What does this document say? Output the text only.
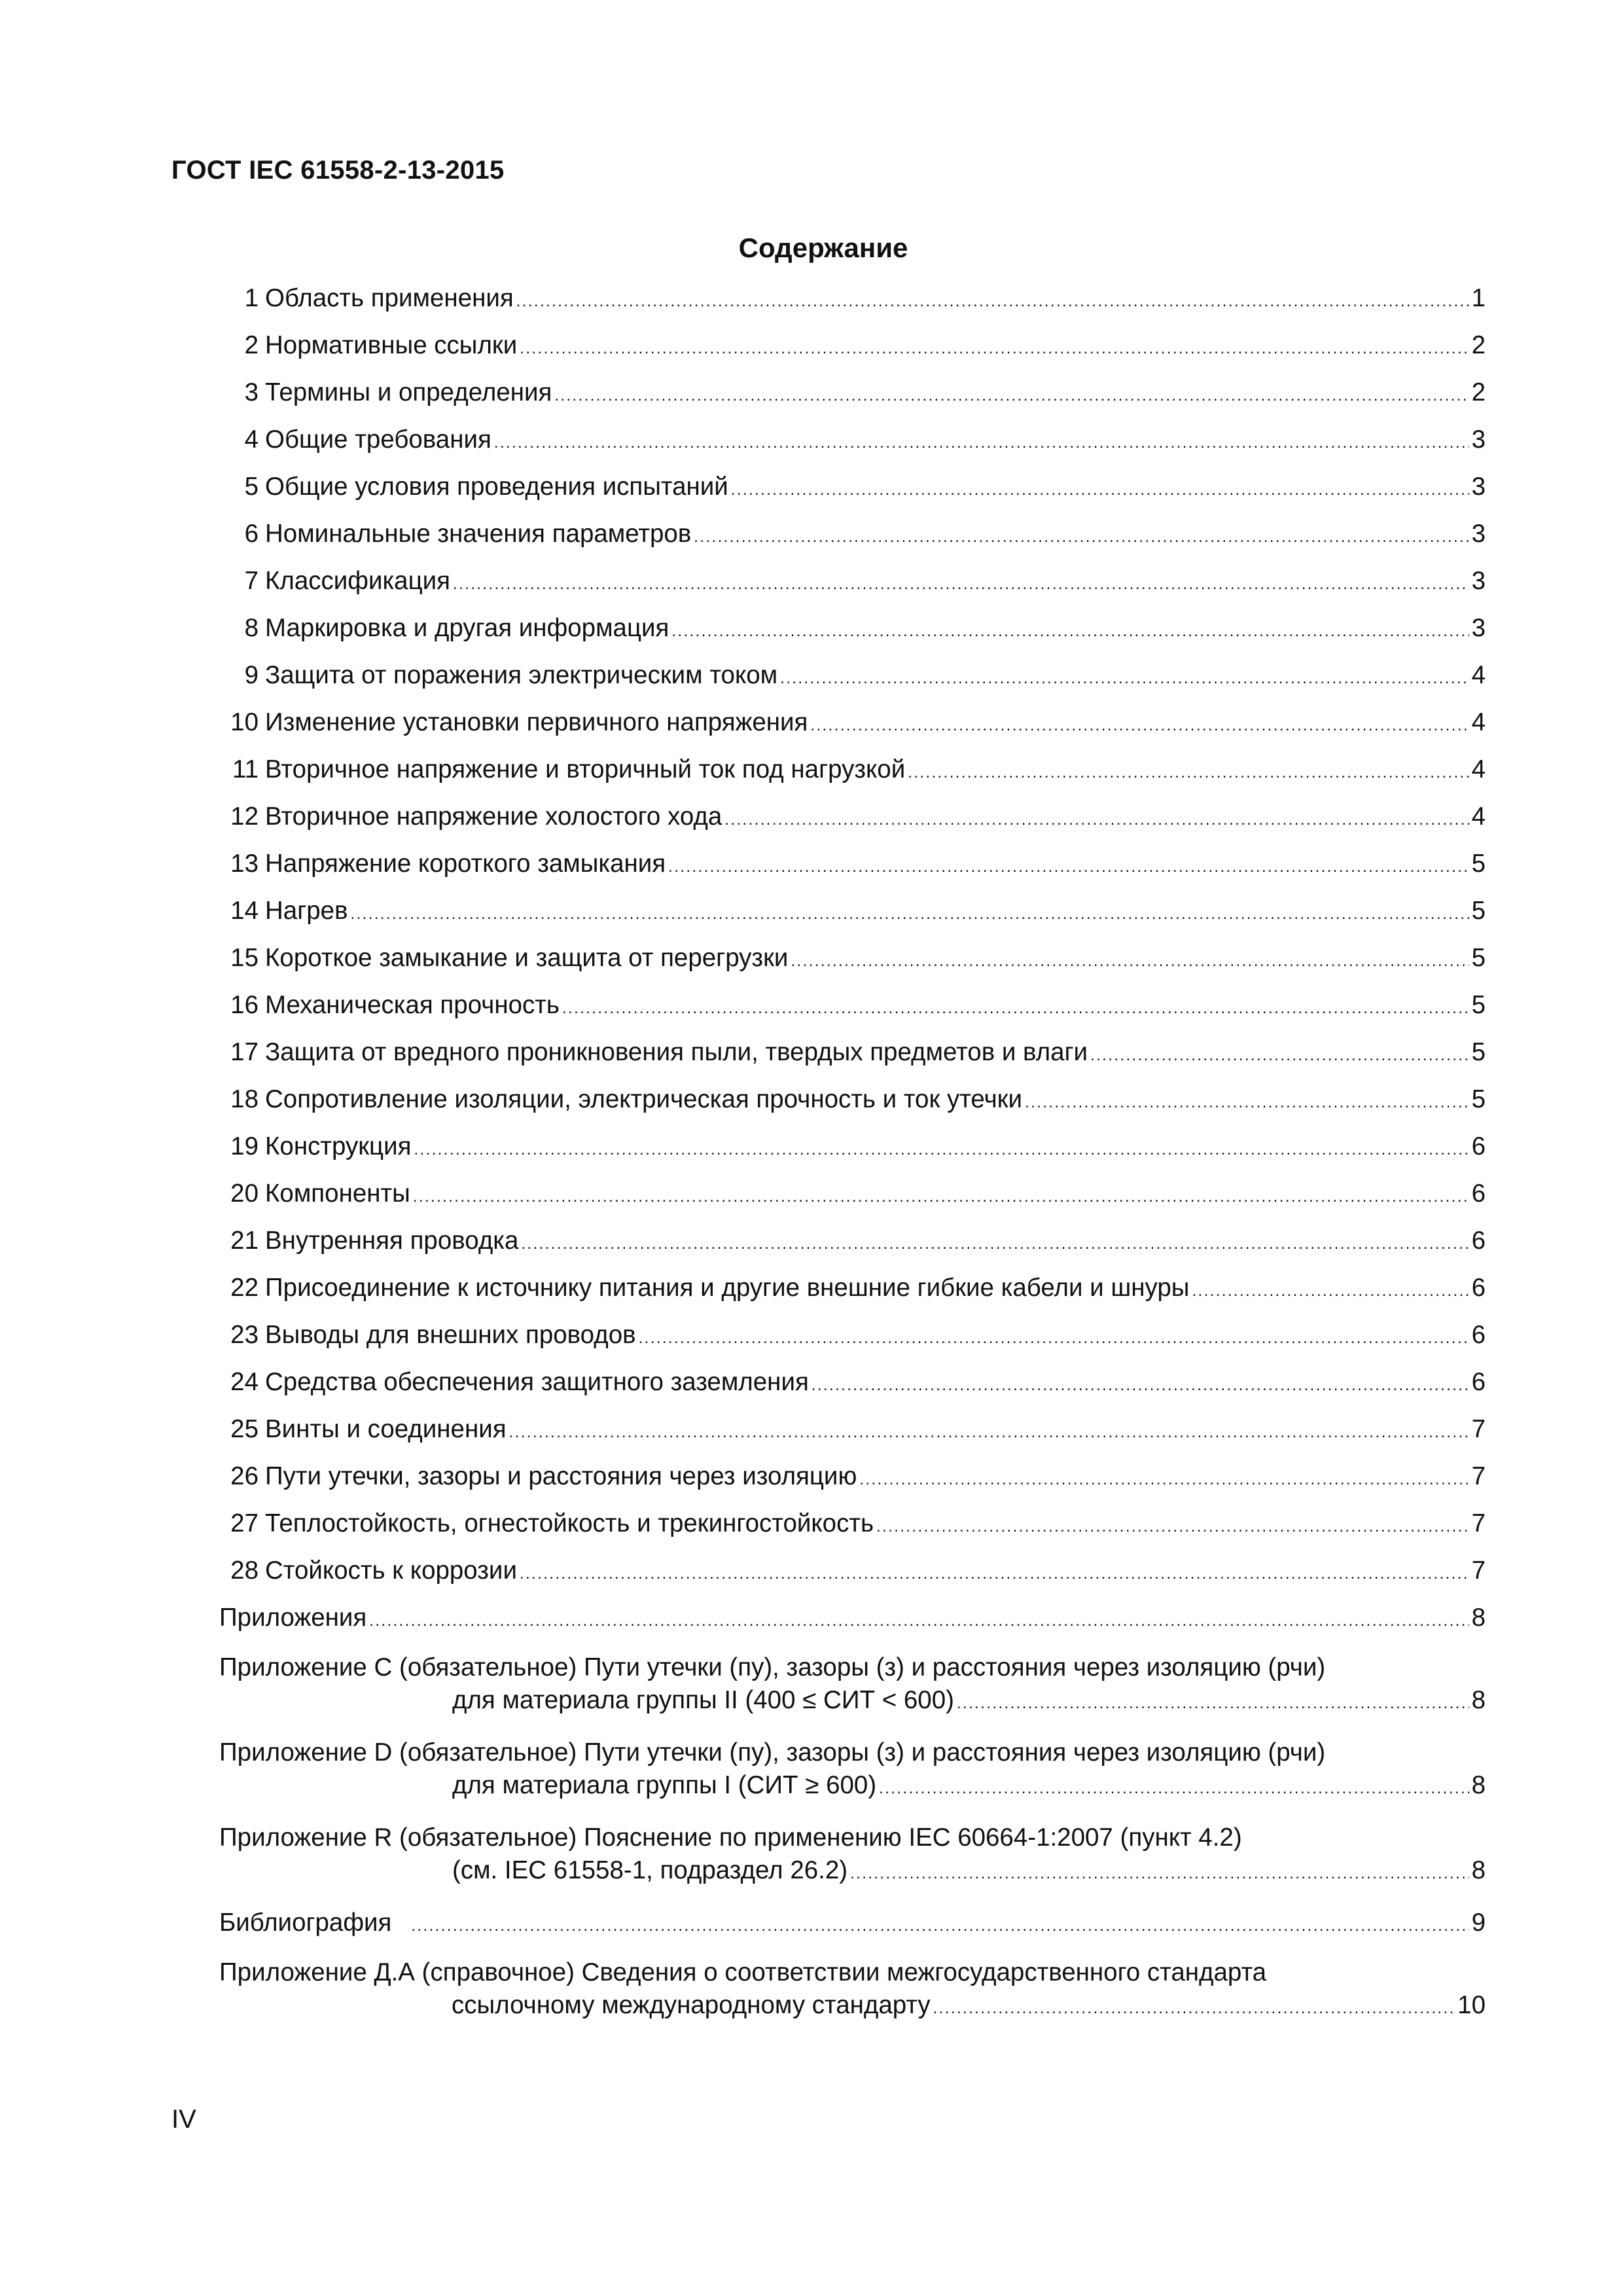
ГОСТ IEC 61558-2-13-2015
Содержание
1 Область применения .....	1
2 Нормативные ссылки .....	2
3 Термины и определения .....	2
4 Общие требования .....	3
5 Общие условия проведения испытаний .....	3
6 Номинальные значения параметров .....	3
7 Классификация .....	3
8 Маркировка и другая информация .....	3
9 Защита от поражения электрическим током .....	4
10 Изменение установки первичного напряжения .....	4
11 Вторичное напряжение и вторичный ток под нагрузкой .....	4
12 Вторичное напряжение холостого хода .....	4
13 Напряжение короткого замыкания .....	5
14 Нагрев .....	5
15 Короткое замыкание и защита от перегрузки .....	5
16 Механическая прочность .....	5
17 Защита от вредного проникновения пыли, твердых предметов и влаги .....	5
18 Сопротивление изоляции, электрическая прочность и ток утечки .....	5
19 Конструкция .....	6
20 Компоненты .....	6
21 Внутренняя проводка .....	6
22 Присоединение к источнику питания и другие внешние гибкие кабели и шнуры .....	6
23 Выводы для внешних проводов .....	6
24 Средства обеспечения защитного заземления .....	6
25 Винты и соединения .....	7
26 Пути утечки, зазоры и расстояния через изоляцию .....	7
27 Теплостойкость, огнестойкость и трекингостойкость .....	7
28 Стойкость к коррозии .....	7
Приложения .....	8
Приложение С (обязательное) Пути утечки (пу), зазоры (з) и расстояния через изоляцию (рчи)
для материала группы II (400 ≤ СИТ < 600) .....	8
Приложение D (обязательное) Пути утечки (пу), зазоры (з) и расстояния через изоляцию (рчи)
для материала группы I (СИТ ≥ 600) .....	8
Приложение R (обязательное) Пояснение по применению IEC 60664-1:2007 (пункт 4.2)
(см. IEC 61558-1, подраздел 26.2) .....	8
Библиография .....	9
Приложение Д.А (справочное) Сведения о соответствии межгосударственного стандарта
ссылочному международному стандарту .....	10
IV
